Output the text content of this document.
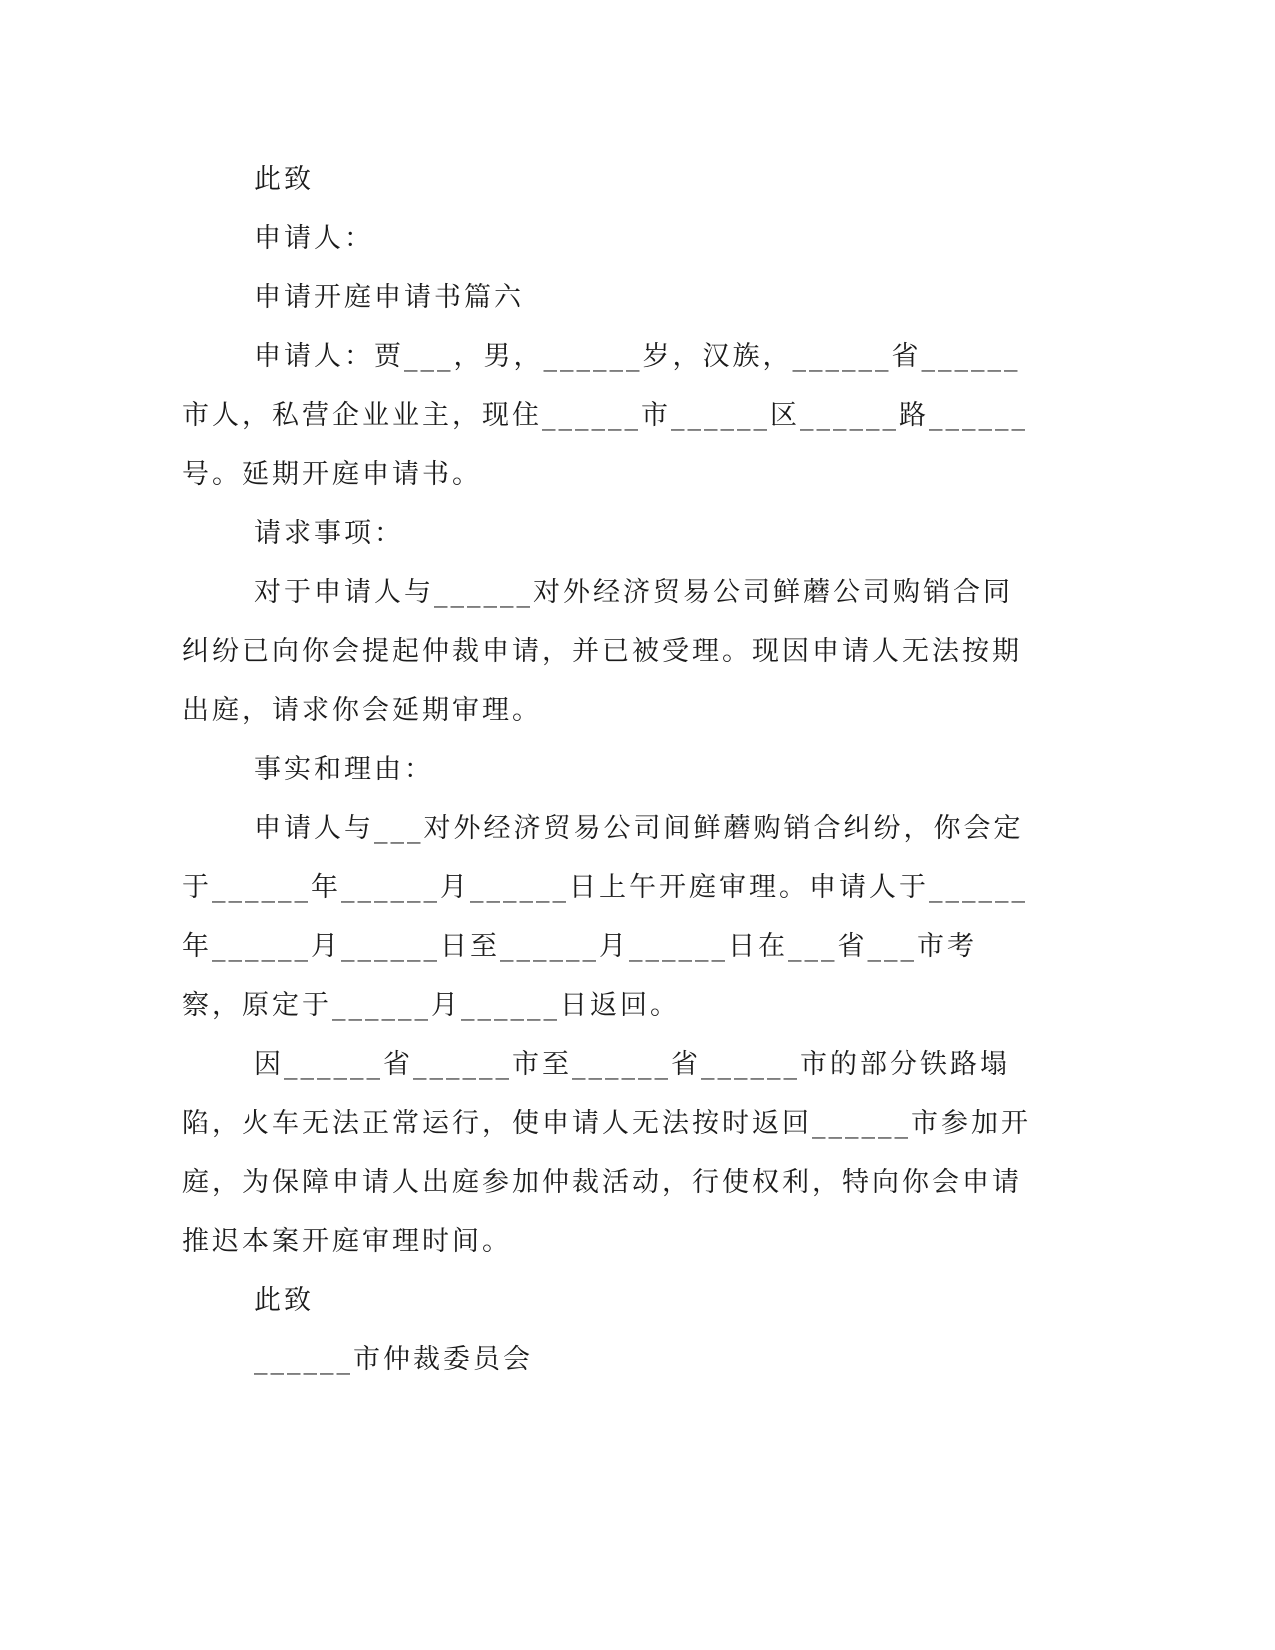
此致

申请人：

申请开庭申请书篇六

申请人：贾___，男，______岁，汉族，______省______市人，私营企业业主，现住______市______区______路______号。延期开庭申请书。

请求事项：

对于申请人与______对外经济贸易公司鲜蘑公司购销合同纠纷已向你会提起仲裁申请，并已被受理。现因申请人无法按期出庭，请求你会延期审理。

事实和理由：

申请人与___对外经济贸易公司间鲜蘑购销合纠纷，你会定于______年______月______日上午开庭审理。申请人于______年______月______日至______月______日在___省___市考察，原定于______月______日返回。

因______省______市至______省______市的部分铁路塌陷，火车无法正常运行，使申请人无法按时返回______市参加开庭，为保障申请人出庭参加仲裁活动，行使权利，特向你会申请推迟本案开庭审理时间。

此致

______市仲裁委员会
